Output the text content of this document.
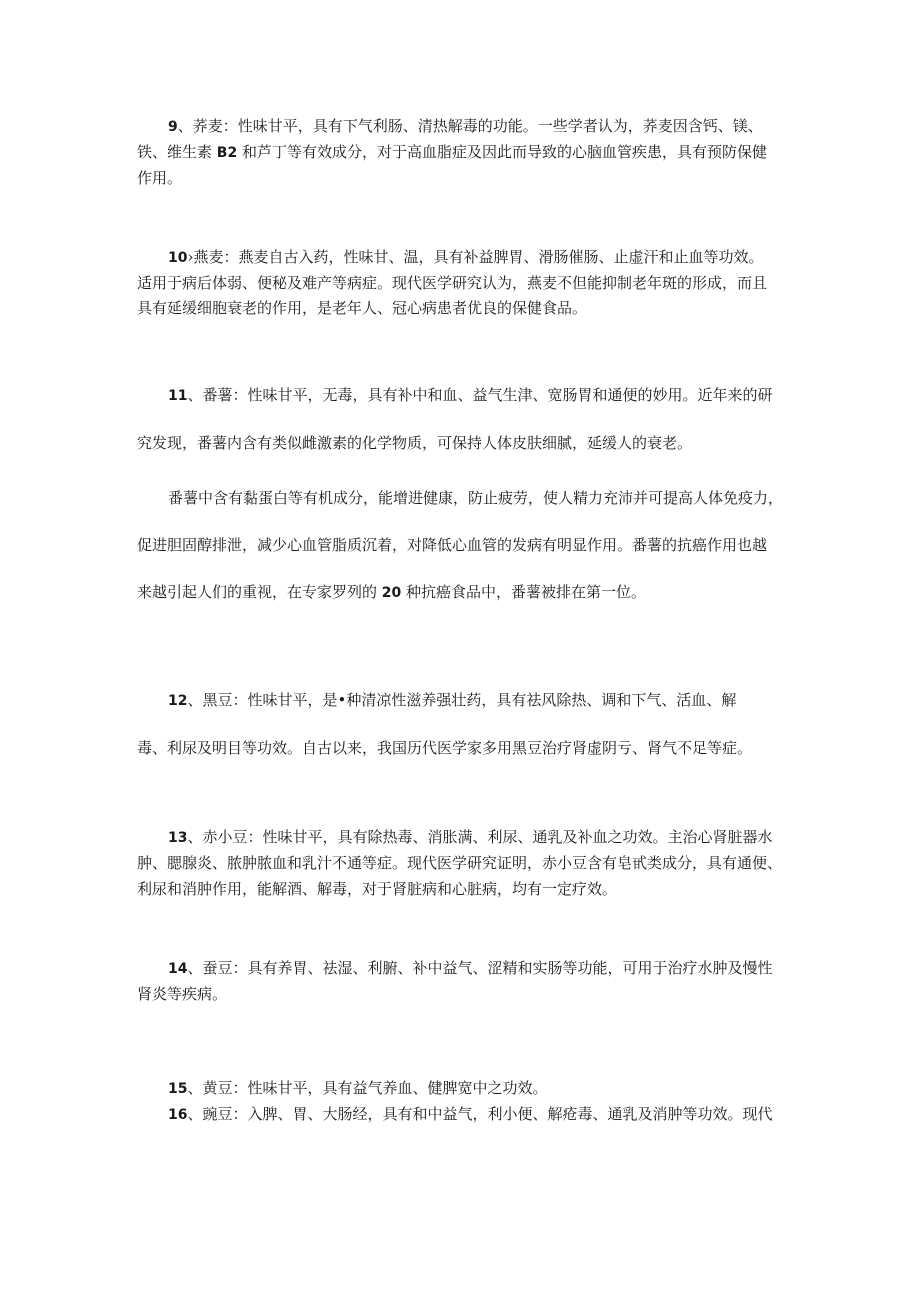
9、荞麦：性味甘平，具有下气利肠、清热解毒的功能。一些学者认为，荞麦因含钙、镁、
铁、维生素 B2 和芦丁等有效成分，对于高血脂症及因此而导致的心脑血管疾患，具有预防保健
作用。
10›燕麦：燕麦自古入药，性味甘、温，具有补益脾胃、滑肠催肠、止虚汗和止血等功效。
适用于病后体弱、便秘及难产等病症。现代医学研究认为，燕麦不但能抑制老年斑的形成，而且
具有延缓细胞衰老的作用，是老年人、冠心病患者优良的保健食品。
11、番薯：性味甘平，无毒，具有补中和血、益气生津、宽肠胃和通便的妙用。近年来的研
究发现，番薯内含有类似雌激素的化学物质，可保持人体皮肤细腻，延缓人的衰老。
番薯中含有黏蛋白等有机成分，能增进健康，防止疲劳，使人精力充沛并可提高人体免疫力，
促进胆固醇排泄，减少心血管脂质沉着，对降低心血管的发病有明显作用。番薯的抗癌作用也越
来越引起人们的重视，在专家罗列的 20 种抗癌食品中，番薯被排在第一位。
12、黑豆：性味甘平，是•种清凉性滋养强壮药，具有祛风除热、调和下气、活血、解
毒、利尿及明目等功效。自古以来，我国历代医学家多用黑豆治疗肾虚阴亏、肾气不足等症。
13、赤小豆：性味甘平，具有除热毒、消胀满、利尿、通乳及补血之功效。主治心肾脏器水
肿、腮腺炎、脓肿脓血和乳汁不通等症。现代医学研究证明，赤小豆含有皂甙类成分，具有通便、
利尿和消肿作用，能解酒、解毒，对于肾脏病和心脏病，均有一定疗效。
14、蚕豆：具有养胃、祛湿、利腑、补中益气、涩精和实肠等功能，可用于治疗水肿及慢性
肾炎等疾病。
15、黄豆：性味甘平，具有益气养血、健脾宽中之功效。
16、豌豆：入脾、胃、大肠经，具有和中益气，利小便、解疮毒、通乳及消肿等功效。现代
